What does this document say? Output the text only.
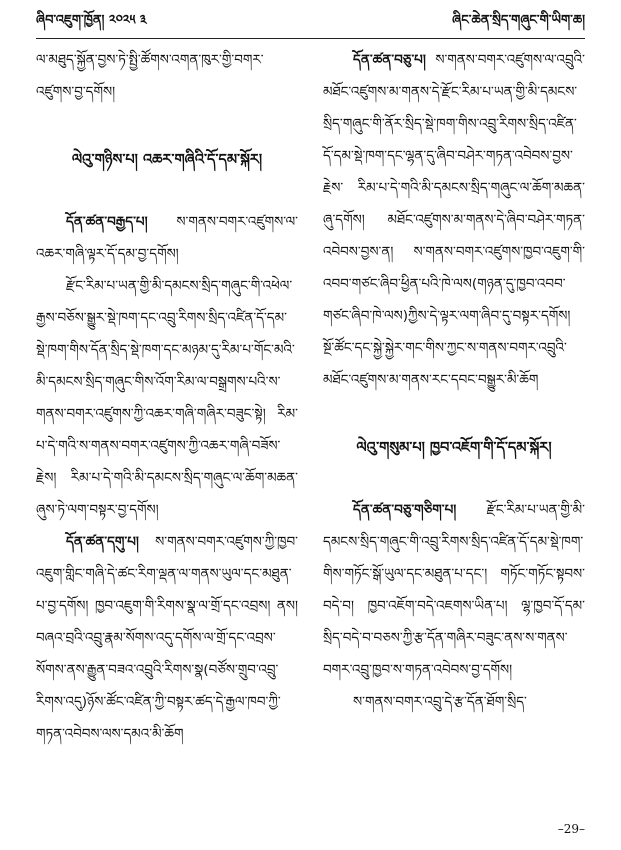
ཞིབ་འཇུག་ཁྱོན། ༢༠༢༥ ༣	ཞིང་ཆེན་སྲིད་གཞུང་གི་ཡིག་ཆ།

ལ་མཐུད་སྐྱོན་བྱས་ཏེ་སྤྱི་ཚོགས་འགན་ཁུར་གྱི་བགར་འཛུགས་བྱ་དགོས།

ལེའུ་གཉིས་པ། འཆར་གཞིའི་དོ་དམ་སྐོར།

དོན་ཚན་བརྒྱད་པ། ས་གནས་བགར་འཛུགས་ལ་འཆར་གཞི་ལྟར་དོ་དམ་བྱ་དགོས།

རྫོང་རིམ་པ་ཡན་གྱི་མི་དམངས་སྲིད་གཞུང་གི་འཕེལ་རྒྱས་བཅོས་སྒྱུར་སྡེ་ཁག་དང་འབྲུ་རིགས་སྲིད་འཛིན་དོ་དམ་སྡེ་ཁག་གིས་དོན་སྲིད་སྡེ་ཁག་དང་མཉམ་དུ་རིམ་པ་གོང་མའི་མི་དམངས་སྲིད་གཞུང་གིས་འོག་རིམ་ལ་བསྒྲགས་པའི་ས་གནས་བགར་འཛུགས་ཀྱི་འཆར་གཞི་གཞིར་བཟུང་སྟེ། རིམ་པ་དེ་གའི་ས་གནས་བགར་འཛུགས་ཀྱི་འཆར་གཞི་བཟོས་རྗེས། རིམ་པ་དེ་གའི་མི་དམངས་སྲིད་གཞུང་ལ་ཆོག་མཆན་ཞུས་ཏེ་ལག་བསྟར་བྱ་དགོས།

དོན་ཚན་དགུ་པ། ས་གནས་བགར་འཛུགས་ཀྱི་ཁྱབ་འཇུག་གླིང་གཞི་དེ་ཚང་རིག་ལྡན་ལ་གནས་ཡུལ་དང་མཐུན་པ་བྱ་དགོས། ཁྱབ་འཇུག་གི་རིགས་སྣ་ལ་གྲོ་དང་འབྲས། ནས། བཞའ་བྲའི་འབྲུ་རྣམ་སོགས་འདུ་དགོས་ལ་གྲོ་དང་འབྲས་སོགས་ནས་རྒྱུན་བཟའ་འབྲུའི་རིགས་སྣ(བཙོས་གྲུབ་འབྲུ་རིགས་འདུ)ཉོས་ཚོང་འཛིན་ཀྱི་བསྟར་ཚད་དེ་རྒྱལ་ཁབ་ཀྱི་གཏན་འབེབས་ལས་དམའ་མི་ཆོག

དོན་ཚན་བཅུ་པ། ས་གནས་བགར་འཛུགས་ལ་འབྲུའི་མཐོང་འཛུགས་མ་གནས་དེ་རྫོང་རིམ་པ་ཡན་གྱི་མི་དམངས་སྲིད་གཞུང་གི་ནོར་སྲིད་སྡེ་ཁག་གིས་འབྲུ་རིགས་སྲིད་འཛིན་དོ་དམ་སྡེ་ཁག་དང་ལྷན་དུ་ཞིབ་བཤེར་གཏན་འབེབས་བྱས་རྗེས་ རིམ་པ་དེ་གའི་མི་དམངས་སྲིད་གཞུང་ལ་ཆོག་མཆན་ཞུ་དགོས། མཐོང་འཛུགས་མ་གནས་དེ་ཞིབ་བཤེར་གཏན་འབེབས་བྱས་ན། ས་གནས་བགར་འཛུགས་ཁྱབ་འཇུག་གི་འབབ་གཙང་ཞིབ་ཕྱིན་པའི་ཁེ་ལས(གཉན་དུ་ཁྱབ་འབབ་གཙང་ཞིབ་ཁེ་ལས)ཀྱིས་དེ་ལྟར་ལག་ཞིབ་དུ་བསྟར་དགོས། སྔོ་ཚོང་དང་སྐྱེ་སྐྱེར་གང་གིས་ཀྱང་ས་གནས་བགར་འབྲུའི་མཐོང་འཛུགས་མ་གནས་རང་དབང་བསྒྱུར་མི་ཆོག

ལེའུ་གསུམ་པ། ཁྱབ་འཇོག་གི་དོ་དམ་སྐོར།

དོན་ཚན་བཅུ་གཅིག་པ། རྫོང་རིམ་པ་ཡན་གྱི་མི་དམངས་སྲིད་གཞུང་གི་འབྲུ་རིགས་སྲིད་འཛིན་དོ་དམ་སྡེ་ཁག་གིས་གཏོང་སྒོ་ཡུལ་དང་མཐུན་པ་དང་། གཏོང་གཏོང་སྟབས་བདེ་བ། ཁྱབ་འཇོག་བདེ་འཇགས་ཡིན་པ། ལྷ་ཁྱབ་དོ་དམ་སྲིད་བདེ་བ་བཅས་ཀྱི་རྩ་དོན་གཞིར་བཟུང་ནས་ས་གནས་བགར་འབྲུ་ཁྱབ་ས་གཏན་འབེབས་བྱ་དགོས།

ས་གནས་བགར་འབྲུ་དེ་རྩ་དོན་ཐོག་སྲིད་

–29–
